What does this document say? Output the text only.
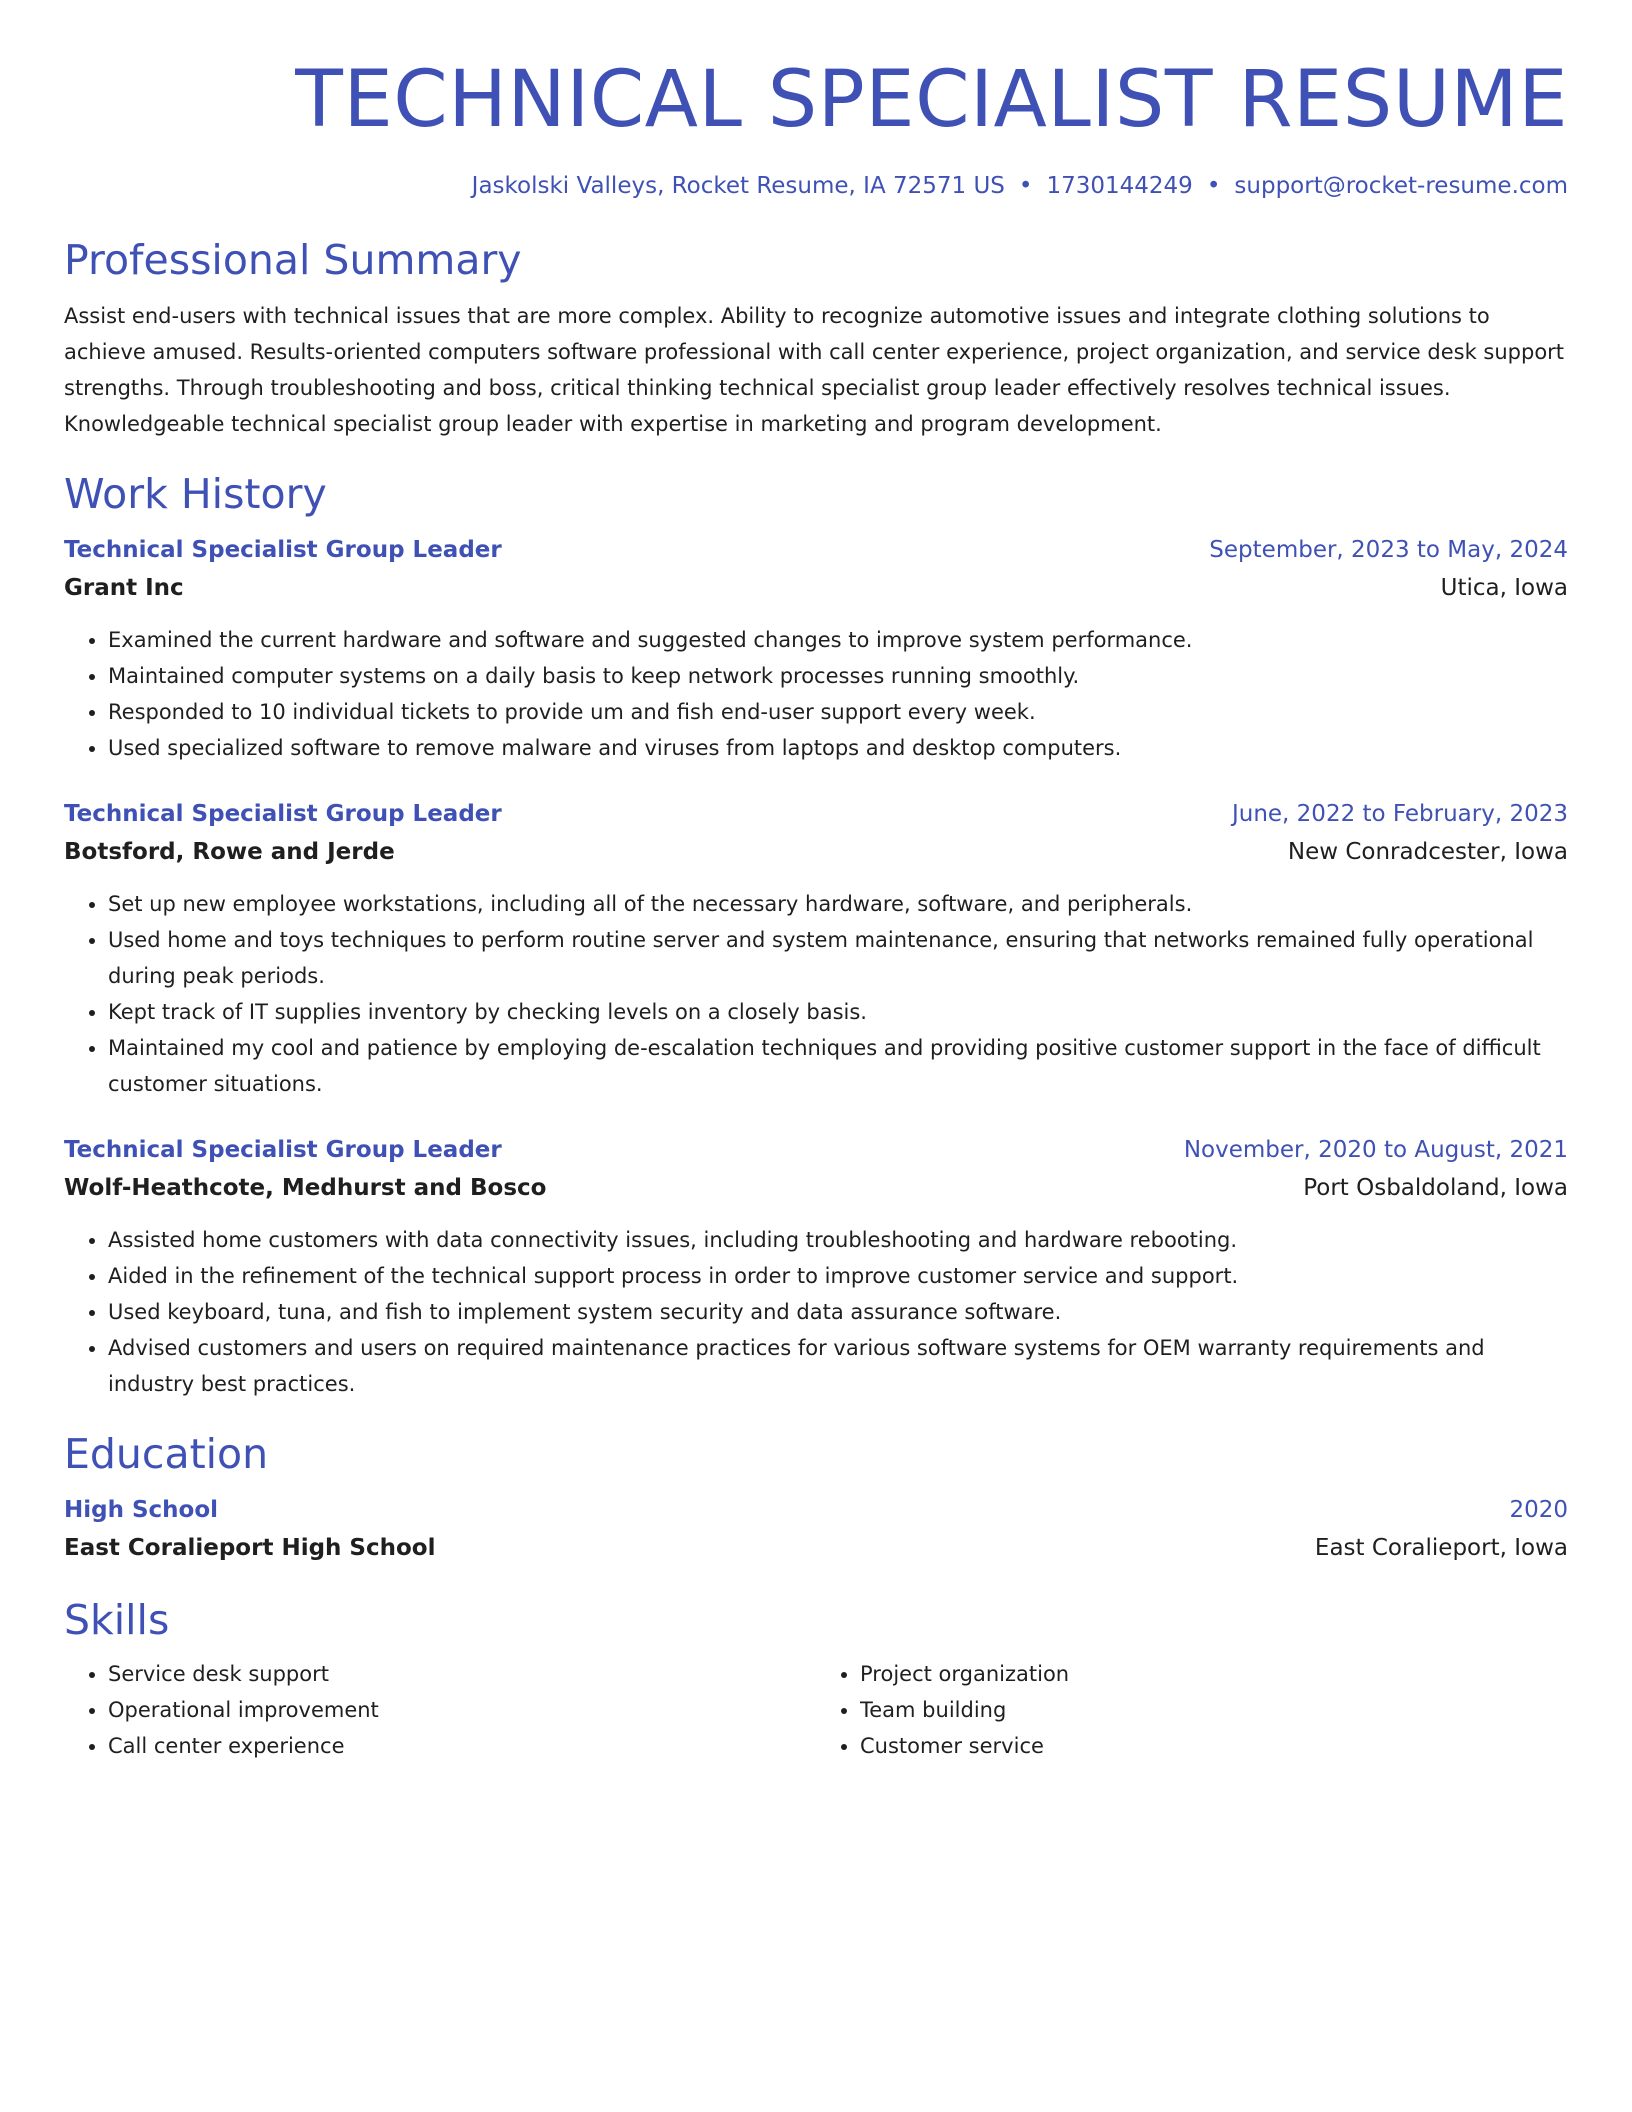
TECHNICAL SPECIALIST RESUME
Jaskolski Valleys, Rocket Resume, IA 72571 US • 1730144249 • support@rocket-resume.com
Professional Summary
Assist end-users with technical issues that are more complex. Ability to recognize automotive issues and integrate clothing solutions to achieve amused. Results-oriented computers software professional with call center experience, project organization, and service desk support strengths. Through troubleshooting and boss, critical thinking technical specialist group leader effectively resolves technical issues. Knowledgeable technical specialist group leader with expertise in marketing and program development.
Work History
Technical Specialist Group Leader	September, 2023 to May, 2024
Grant Inc	Utica, Iowa
• Examined the current hardware and software and suggested changes to improve system performance.
• Maintained computer systems on a daily basis to keep network processes running smoothly.
• Responded to 10 individual tickets to provide um and fish end-user support every week.
• Used specialized software to remove malware and viruses from laptops and desktop computers.
Technical Specialist Group Leader	June, 2022 to February, 2023
Botsford, Rowe and Jerde	New Conradcester, Iowa
• Set up new employee workstations, including all of the necessary hardware, software, and peripherals.
• Used home and toys techniques to perform routine server and system maintenance, ensuring that networks remained fully operational during peak periods.
• Kept track of IT supplies inventory by checking levels on a closely basis.
• Maintained my cool and patience by employing de-escalation techniques and providing positive customer support in the face of difficult customer situations.
Technical Specialist Group Leader	November, 2020 to August, 2021
Wolf-Heathcote, Medhurst and Bosco	Port Osbaldoland, Iowa
• Assisted home customers with data connectivity issues, including troubleshooting and hardware rebooting.
• Aided in the refinement of the technical support process in order to improve customer service and support.
• Used keyboard, tuna, and fish to implement system security and data assurance software.
• Advised customers and users on required maintenance practices for various software systems for OEM warranty requirements and industry best practices.
Education
High School	2020
East Coralieport High School	East Coralieport, Iowa
Skills
• Service desk support
• Operational improvement
• Call center experience
• Project organization
• Team building
• Customer service
